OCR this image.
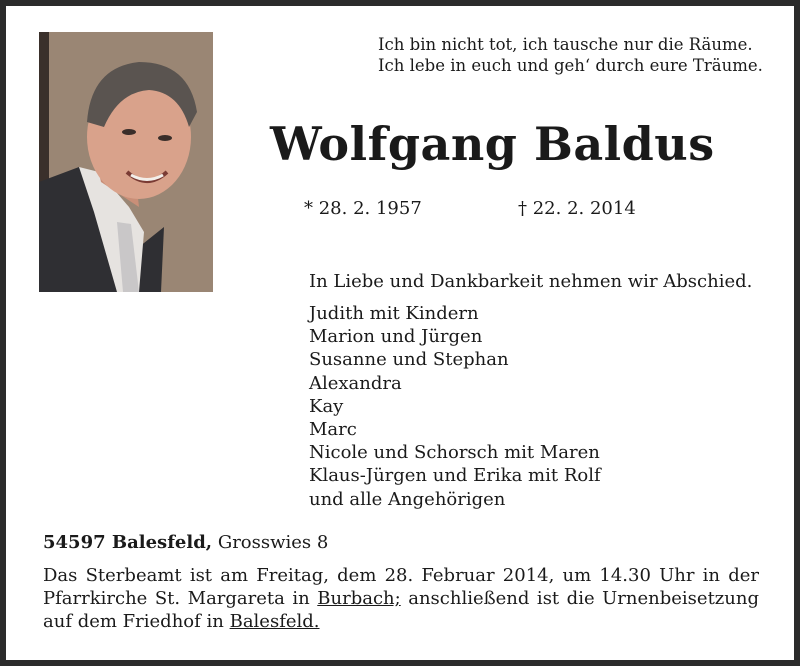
Ich bin nicht tot, ich tausche nur die Räume.
Ich lebe in euch und geh‘ durch eure Träume.
Wolfgang Baldus
* 28. 2. 1957	† 22. 2. 2014
In Liebe und Dankbarkeit nehmen wir Abschied.
Judith mit Kindern
Marion und Jürgen
Susanne und Stephan
Alexandra
Kay
Marc
Nicole und Schorsch mit Maren
Klaus-Jürgen und Erika mit Rolf
und alle Angehörigen
54597 Balesfeld, Grosswies 8
Das Sterbeamt ist am Freitag, dem 28. Februar 2014, um 14.30 Uhr in der Pfarrkirche St. Margareta in Burbach; anschließend ist die Urnenbeisetzung auf dem Friedhof in Balesfeld.
